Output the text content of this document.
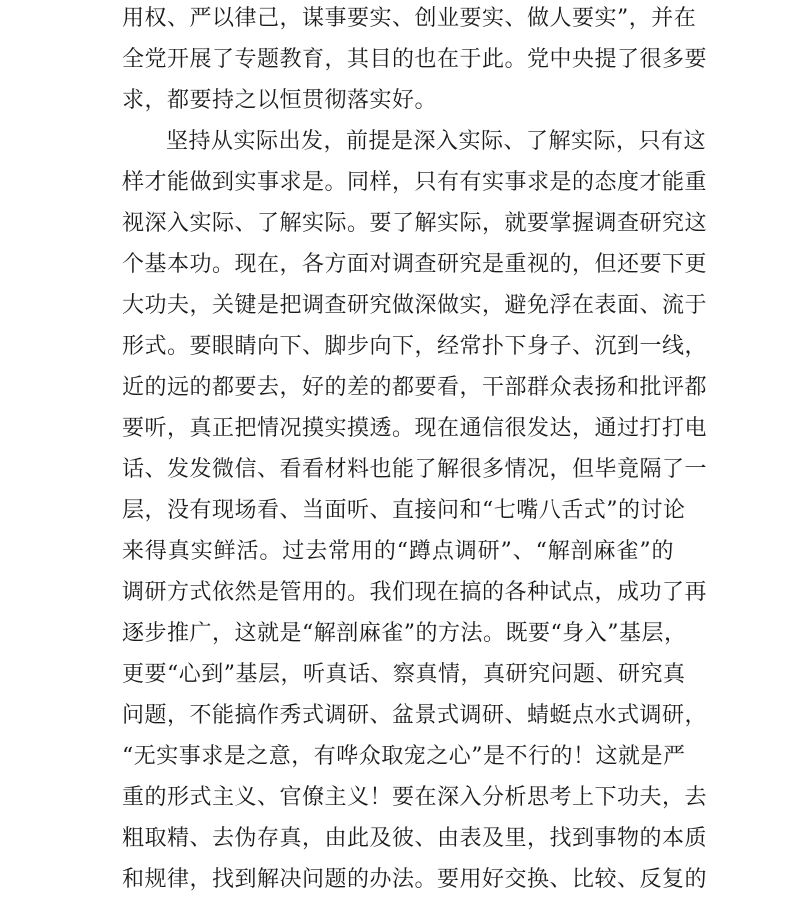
用权、严以律己，谋事要实、创业要实、做人要实”，并在
全党开展了专题教育，其目的也在于此。党中央提了很多要
求，都要持之以恒贯彻落实好。
坚持从实际出发，前提是深入实际、了解实际，只有这
样才能做到实事求是。同样，只有有实事求是的态度才能重
视深入实际、了解实际。要了解实际，就要掌握调查研究这
个基本功。现在，各方面对调查研究是重视的，但还要下更
大功夫，关键是把调查研究做深做实，避免浮在表面、流于
形式。要眼睛向下、脚步向下，经常扑下身子、沉到一线，
近的远的都要去，好的差的都要看，干部群众表扬和批评都
要听，真正把情况摸实摸透。现在通信很发达，通过打打电
话、发发微信、看看材料也能了解很多情况，但毕竟隔了一
层，没有现场看、当面听、直接问和“七嘴八舌式”的讨论
来得真实鲜活。过去常用的“蹲点调研”、“解剖麻雀”的
调研方式依然是管用的。我们现在搞的各种试点，成功了再
逐步推广，这就是“解剖麻雀”的方法。既要“身入”基层，
更要“心到”基层，听真话、察真情，真研究问题、研究真
问题，不能搞作秀式调研、盆景式调研、蜻蜓点水式调研，
“无实事求是之意，有哗众取宠之心”是不行的！这就是严
重的形式主义、官僚主义！要在深入分析思考上下功夫，去
粗取精、去伪存真，由此及彼、由表及里，找到事物的本质
和规律，找到解决问题的办法。要用好交换、比较、反复的
